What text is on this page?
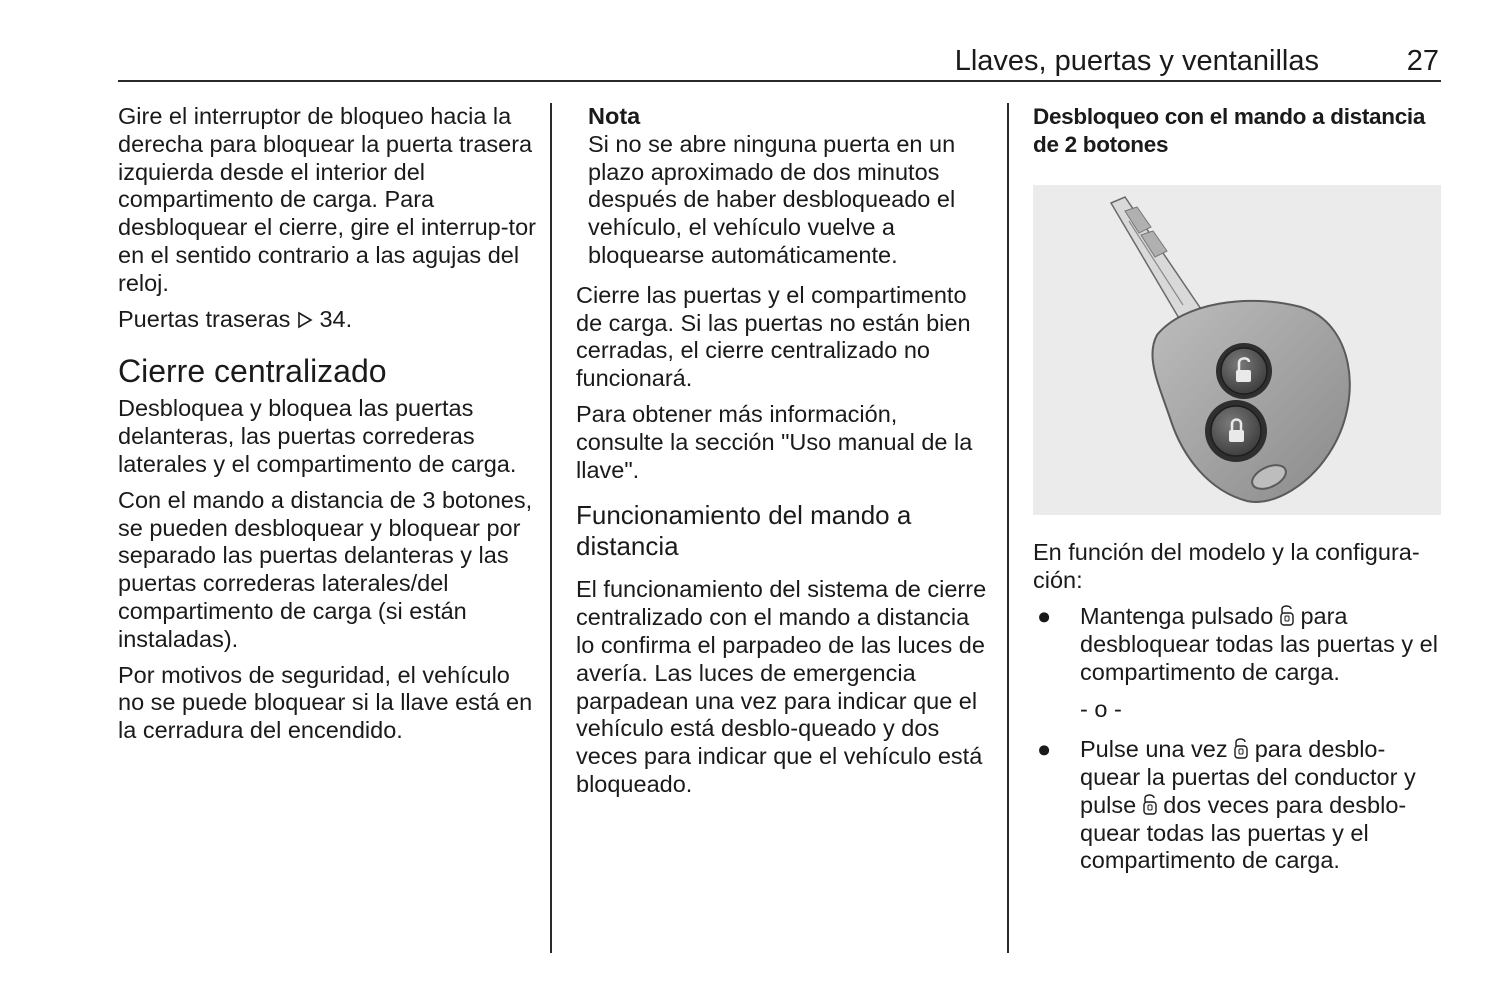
Llaves, puertas y ventanillas	27

Gire el interruptor de bloqueo hacia la derecha para bloquear la puerta trasera izquierda desde el interior del compartimento de carga. Para desbloquear el cierre, gire el interrup-tor en el sentido contrario a las agujas del reloj.

Puertas traseras 34.

Cierre centralizado

Desbloquea y bloquea las puertas delanteras, las puertas correderas laterales y el compartimento de carga.

Con el mando a distancia de 3 botones, se pueden desbloquear y bloquear por separado las puertas delanteras y las puertas correderas laterales/del compartimento de carga (si están instaladas).

Por motivos de seguridad, el vehículo no se puede bloquear si la llave está en la cerradura del encendido.

Nota
Si no se abre ninguna puerta en un plazo aproximado de dos minutos después de haber desbloqueado el vehículo, el vehículo vuelve a bloquearse automáticamente.

Cierre las puertas y el compartimento de carga. Si las puertas no están bien cerradas, el cierre centralizado no funcionará.

Para obtener más información, consulte la sección "Uso manual de la llave".

Funcionamiento del mando a distancia

El funcionamiento del sistema de cierre centralizado con el mando a distancia lo confirma el parpadeo de las luces de avería. Las luces de emergencia parpadean una vez para indicar que el vehículo está desblo-queado y dos veces para indicar que el vehículo está bloqueado.

Desbloqueo con el mando a distancia de 2 botones

En función del modelo y la configura-ción:

● Mantenga pulsado para desbloquear todas las puertas y el compartimento de carga.
- o -
● Pulse una vez para desblo-quear la puertas del conductor y pulse dos veces para desblo-quear todas las puertas y el compartimento de carga.
